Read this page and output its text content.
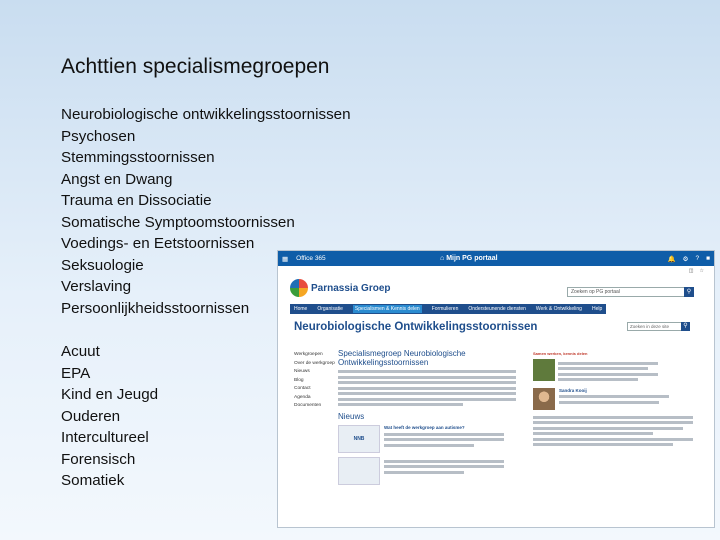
Achttien specialismegroepen
Neurobiologische ontwikkelingsstoornissen
Psychosen
Stemmingsstoornissen
Angst en Dwang
Trauma en Dissociatie
Somatische Symptoomstoornissen
Voedings- en Eetstoornissen
Seksuologie
Verslaving
Persoonlijkheidsstoornissen
Acuut
EPA
Kind en Jeugd
Ouderen
Intercultureel
Forensisch
Somatiek
▦ Office 365	⌂ Mijn PG portaal	🔔 ⚙ ? ■
◫ ☆
Parnassia Groep	Zoeken op PG portaal	⚲
Home Organisatie	Specialismen & Kennis delen	Formulieren Ondersteunende diensten Werk & Ontwikkeling Help
Neurobiologische Ontwikkelingsstoornissen	Zoeken in deze site	⚲
Werkgroepen
Over de werkgroep
Nieuws
Blog
Contact
Agenda
Documenten
Specialismegroep Neurobiologische Ontwikkelingsstoornissen
Nieuws
NNB
Wat heeft de werkgroep aan autisme?
Samen werken, kennis delen
Sandra Kooij
